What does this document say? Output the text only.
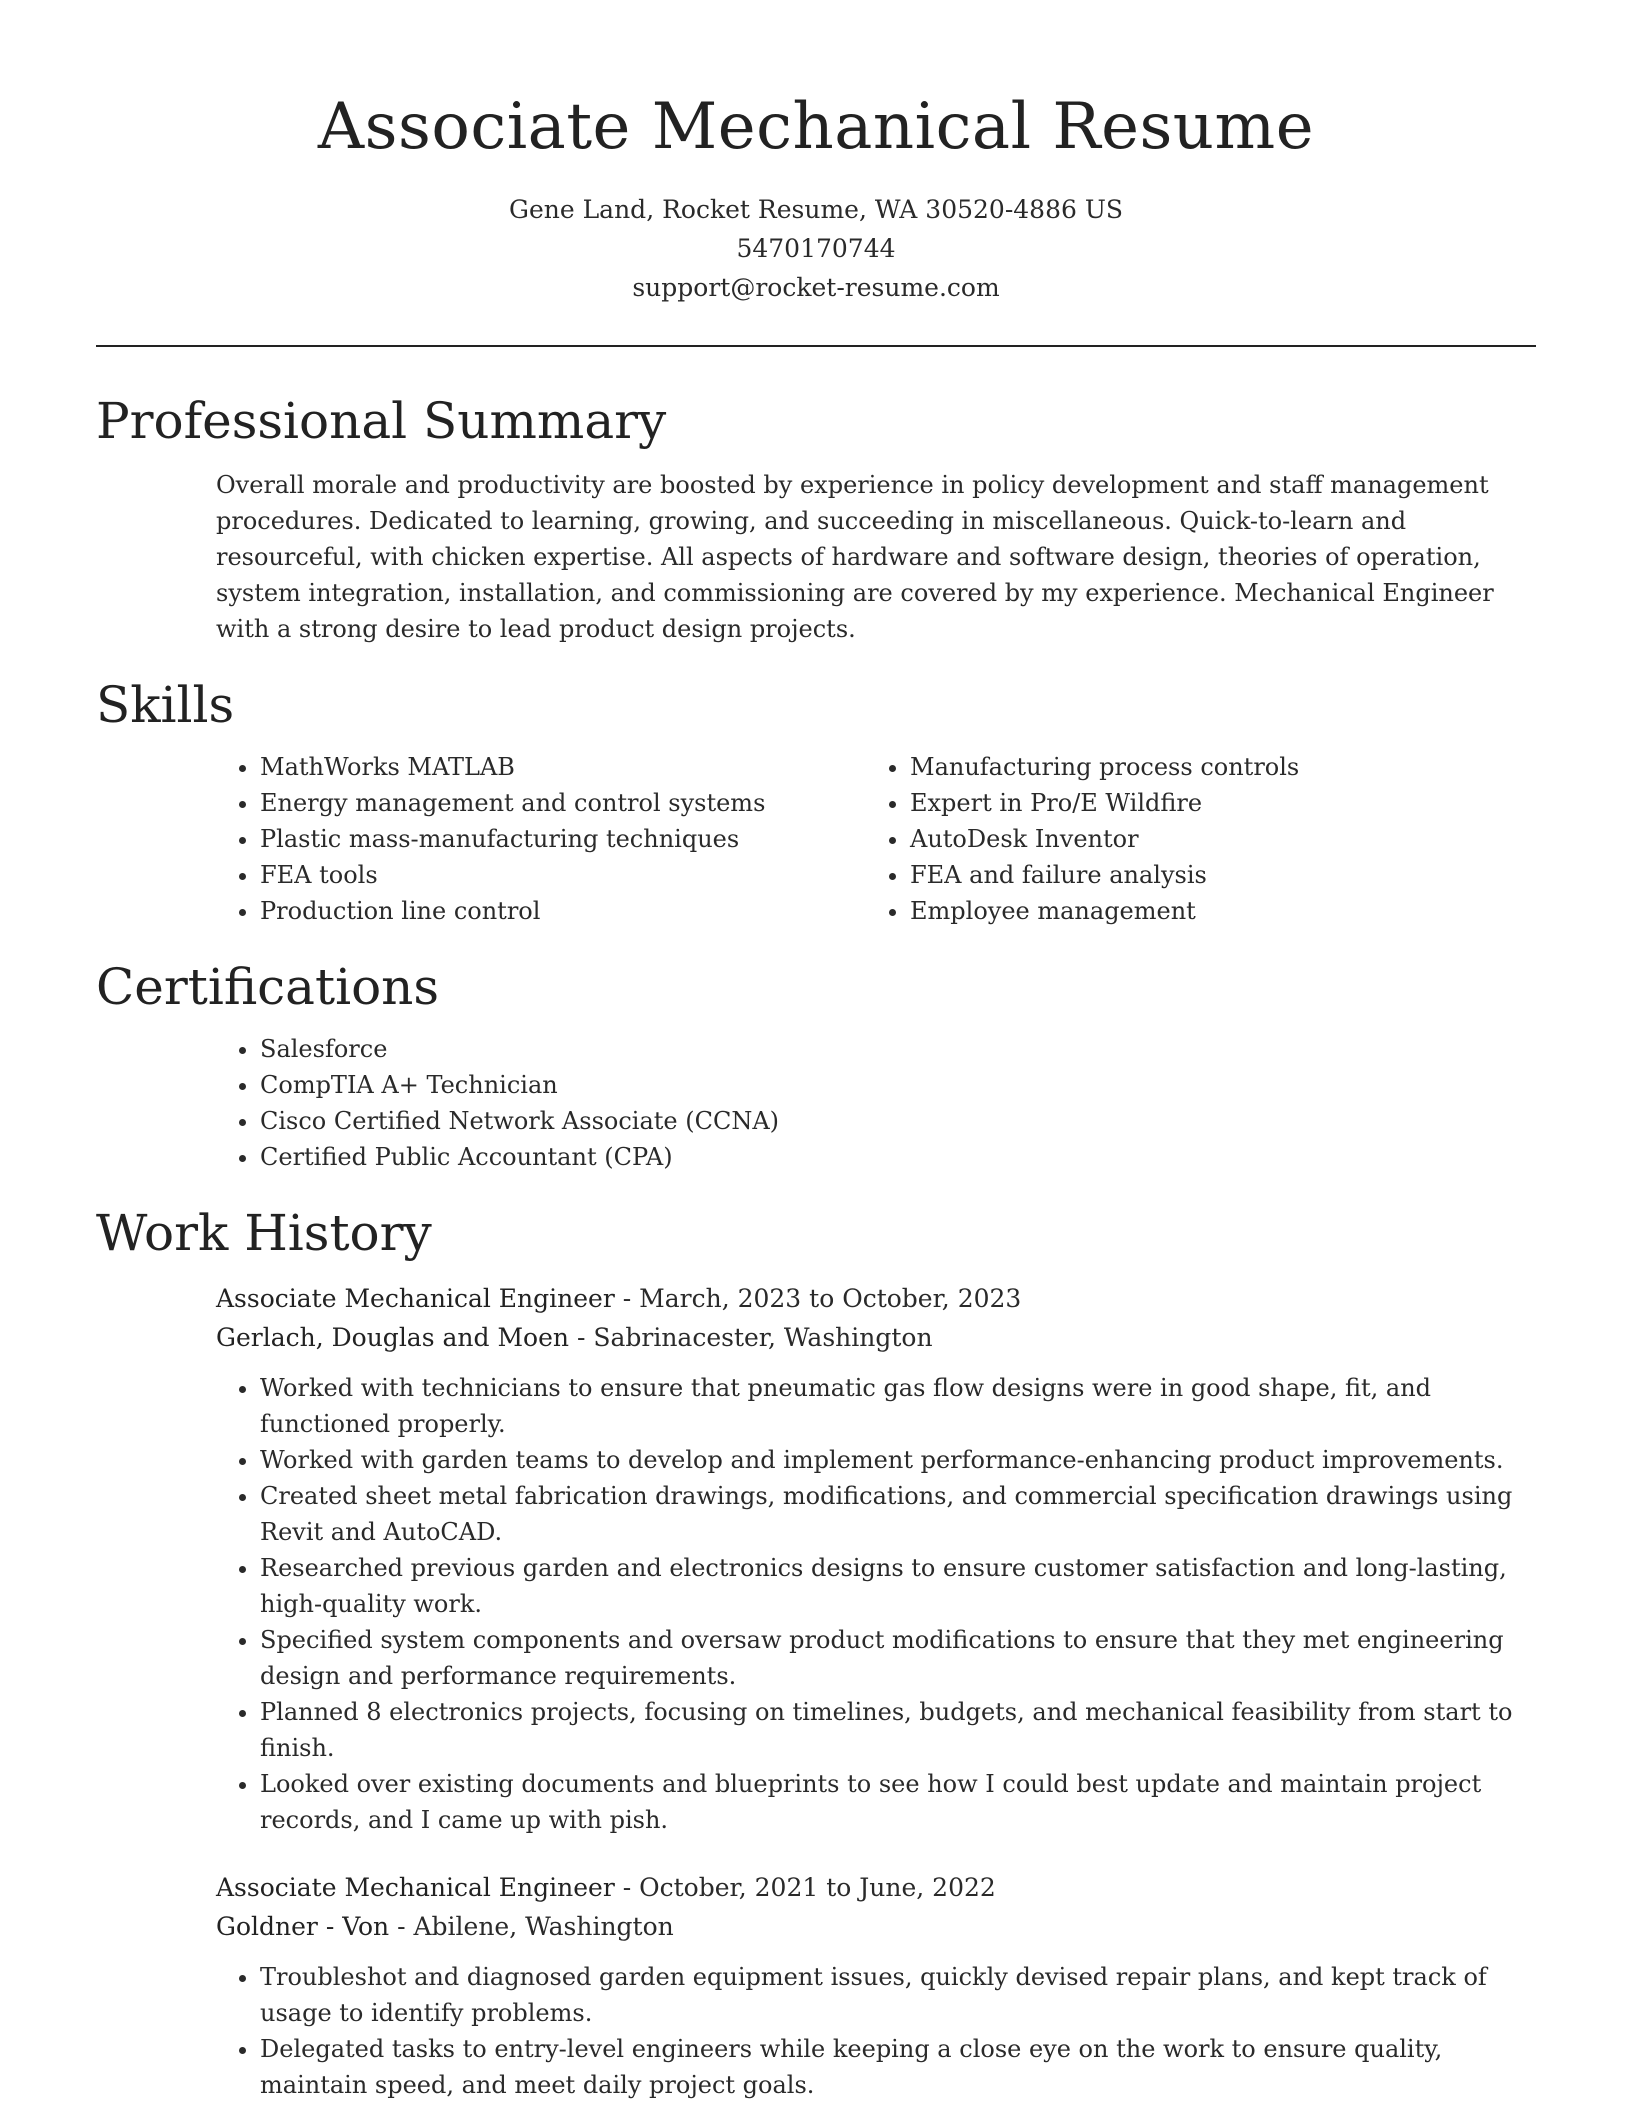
Associate Mechanical Resume
Gene Land, Rocket Resume, WA 30520-4886 US
5470170744
support@rocket-resume.com
Professional Summary

Overall morale and productivity are boosted by experience in policy development and staff management procedures. Dedicated to learning, growing, and succeeding in miscellaneous. Quick-to-learn and resourceful, with chicken expertise. All aspects of hardware and software design, theories of operation, system integration, installation, and commissioning are covered by my experience. Mechanical Engineer with a strong desire to lead product design projects.

Skills
• MathWorks MATLAB
• Energy management and control systems
• Plastic mass-manufacturing techniques
• FEA tools
• Production line control
• Manufacturing process controls
• Expert in Pro/E Wildfire
• AutoDesk Inventor
• FEA and failure analysis
• Employee management
Certifications
• Salesforce
• CompTIA A+ Technician
• Cisco Certified Network Associate (CCNA)
• Certified Public Accountant (CPA)
Work History
Associate Mechanical Engineer - March, 2023 to October, 2023
Gerlach, Douglas and Moen - Sabrinacester, Washington
• Worked with technicians to ensure that pneumatic gas flow designs were in good shape, fit, and functioned properly.
• Worked with garden teams to develop and implement performance-enhancing product improvements.
• Created sheet metal fabrication drawings, modifications, and commercial specification drawings using Revit and AutoCAD.
• Researched previous garden and electronics designs to ensure customer satisfaction and long-lasting, high-quality work.
• Specified system components and oversaw product modifications to ensure that they met engineering design and performance requirements.
• Planned 8 electronics projects, focusing on timelines, budgets, and mechanical feasibility from start to finish.
• Looked over existing documents and blueprints to see how I could best update and maintain project records, and I came up with pish.
Associate Mechanical Engineer - October, 2021 to June, 2022
Goldner - Von - Abilene, Washington
• Troubleshot and diagnosed garden equipment issues, quickly devised repair plans, and kept track of usage to identify problems.
• Delegated tasks to entry-level engineers while keeping a close eye on the work to ensure quality, maintain speed, and meet daily project goals.
